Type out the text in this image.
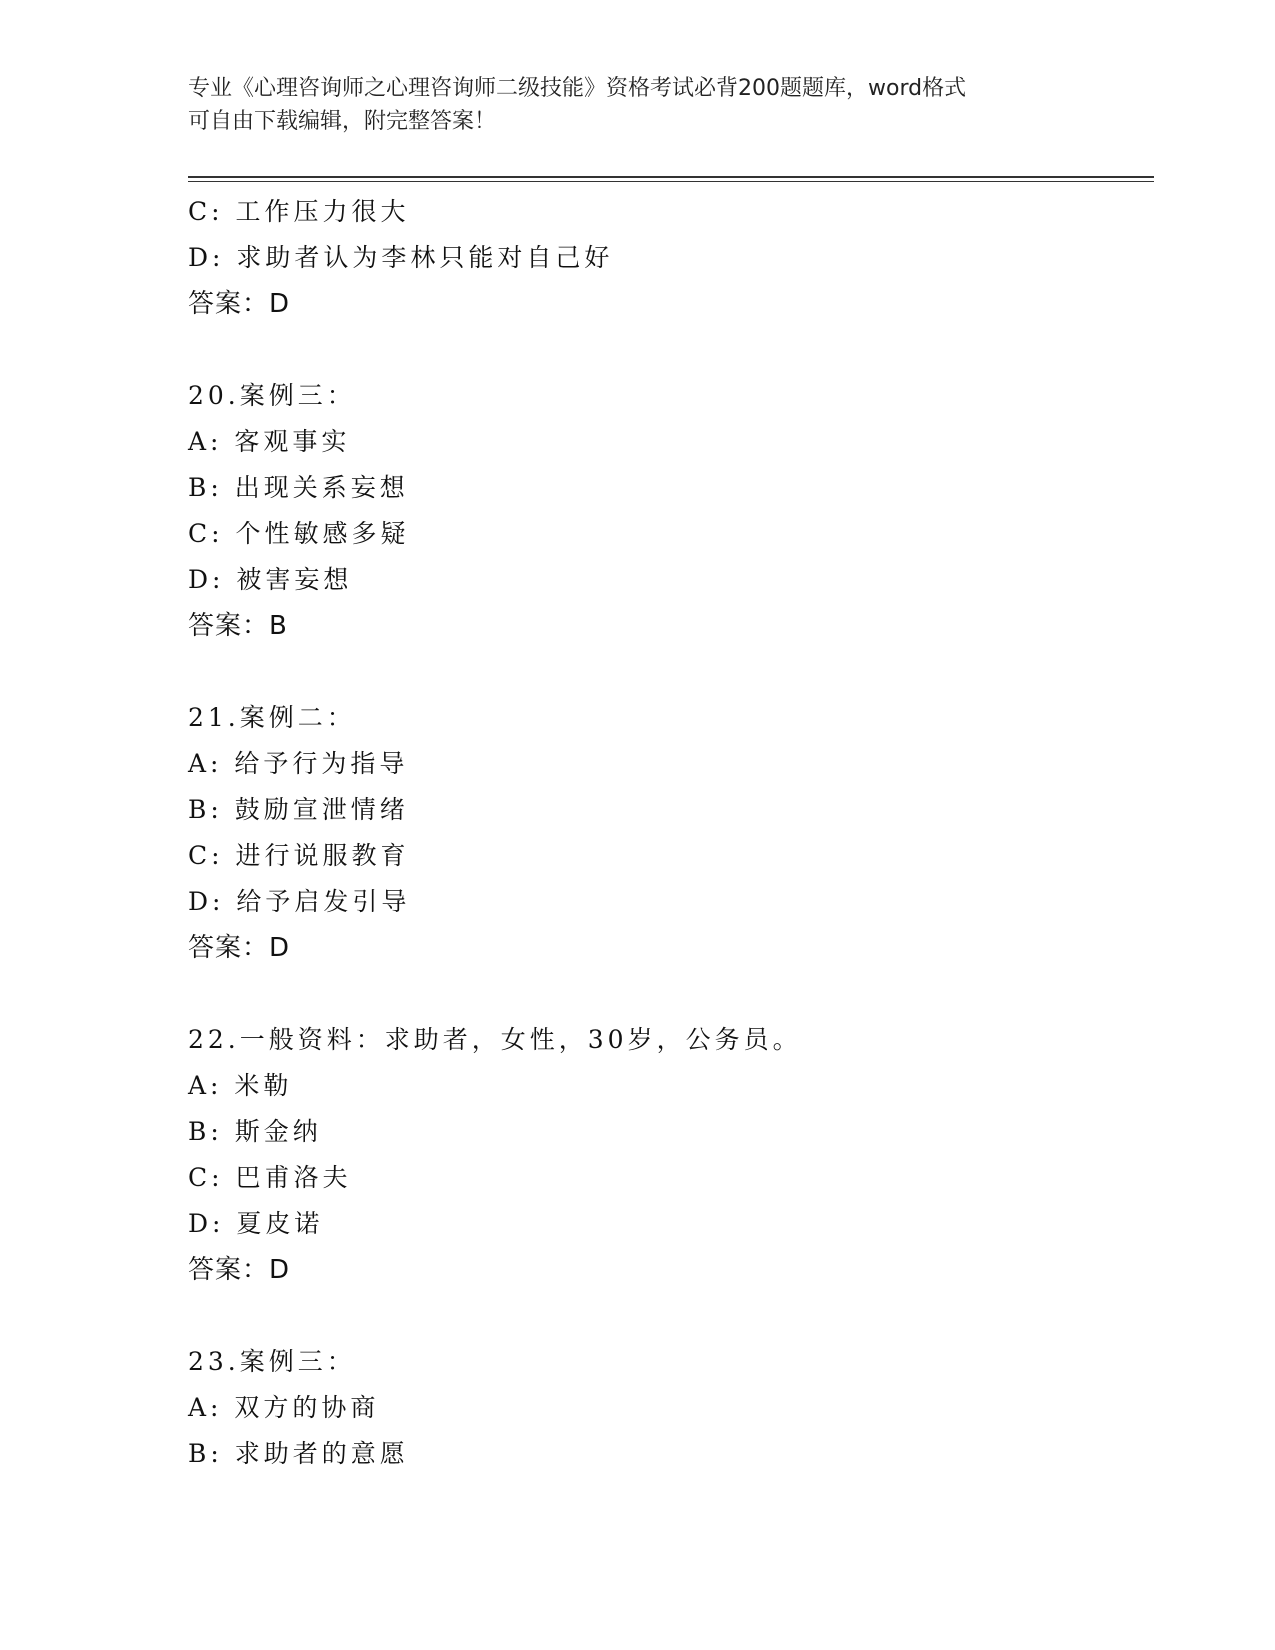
专业《心理咨询师之心理咨询师二级技能》资格考试必背200题题库，word格式
可自由下载编辑，附完整答案！
C: 工作压力很大
D: 求助者认为李林只能对自己好
答案：D
20.案例三：
A: 客观事实
B: 出现关系妄想
C: 个性敏感多疑
D: 被害妄想
答案：B
21.案例二：
A: 给予行为指导
B: 鼓励宣泄情绪
C: 进行说服教育
D: 给予启发引导
答案：D
22.一般资料：求助者，女性，30岁，公务员。
A: 米勒
B: 斯金纳
C: 巴甫洛夫
D: 夏皮诺
答案：D
23.案例三：
A: 双方的协商
B: 求助者的意愿
